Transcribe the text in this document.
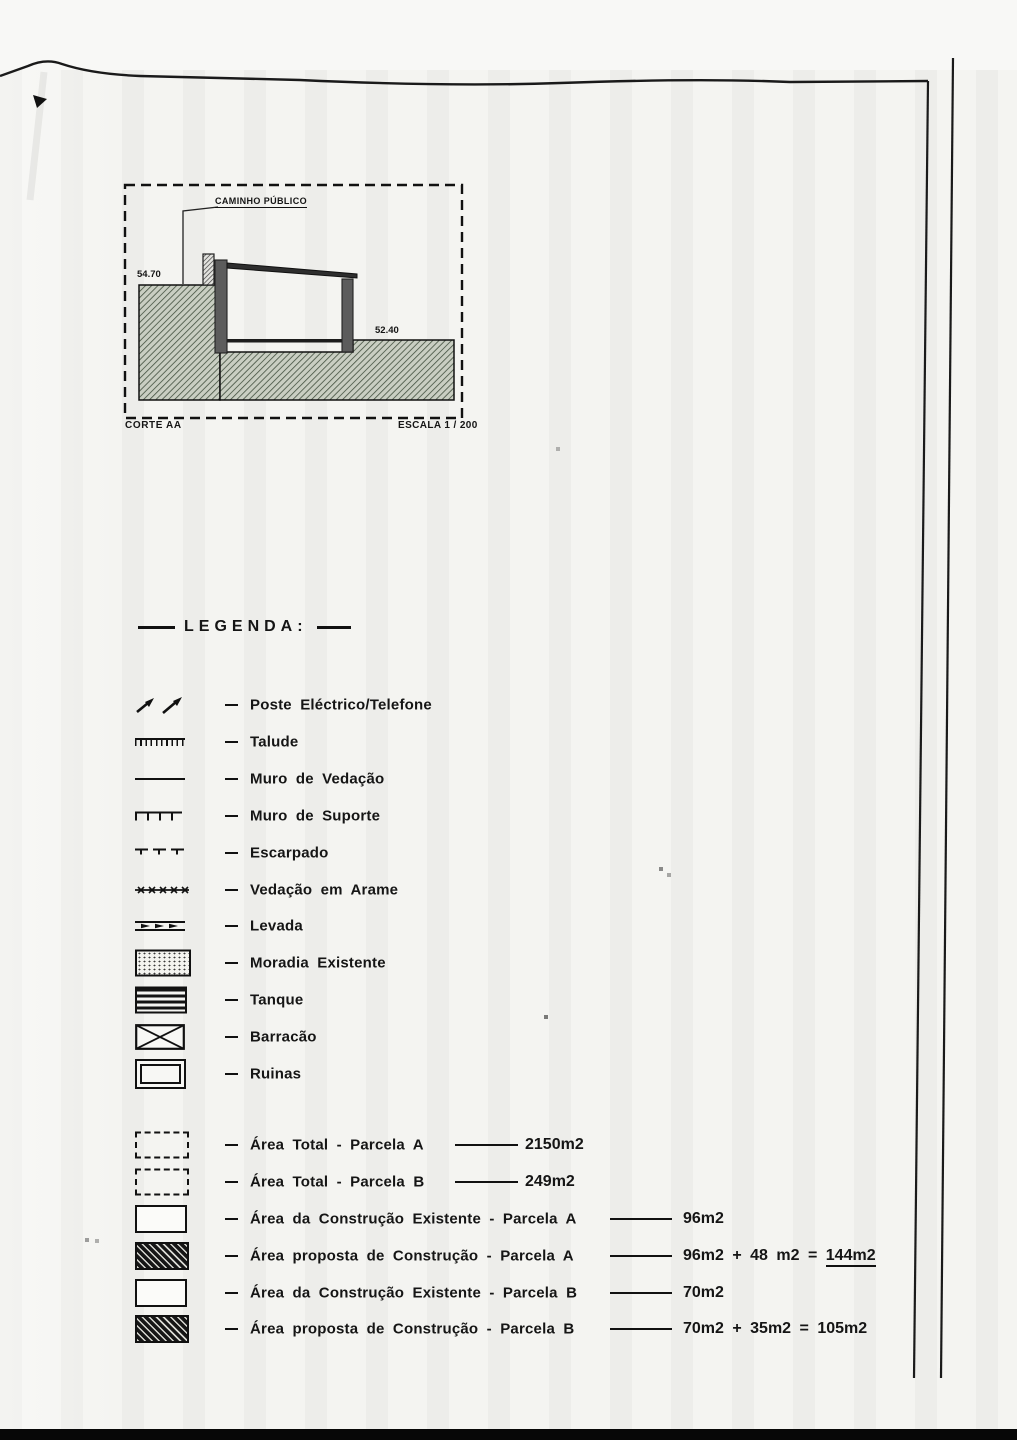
CAMINHO PÚBLICO
54.70
52.40
CORTE AA	ESCALA 1 / 200
LEGENDA:
Poste Eléctrico/Telefone
Talude
Muro de Vedação
Muro de Suporte
Escarpado
Vedação em Arame
Levada
Moradia Existente
Tanque
Barracão
Ruinas
Área Total - Parcela A	2150m2
Área Total - Parcela B	249m2
Área da Construção Existente - Parcela A	96m2
Área proposta de Construção - Parcela A	96m2 + 48 m2 = 144m2
Área da Construção Existente - Parcela B	70m2
Área proposta de Construção - Parcela B	70m2 + 35m2 = 105m2
